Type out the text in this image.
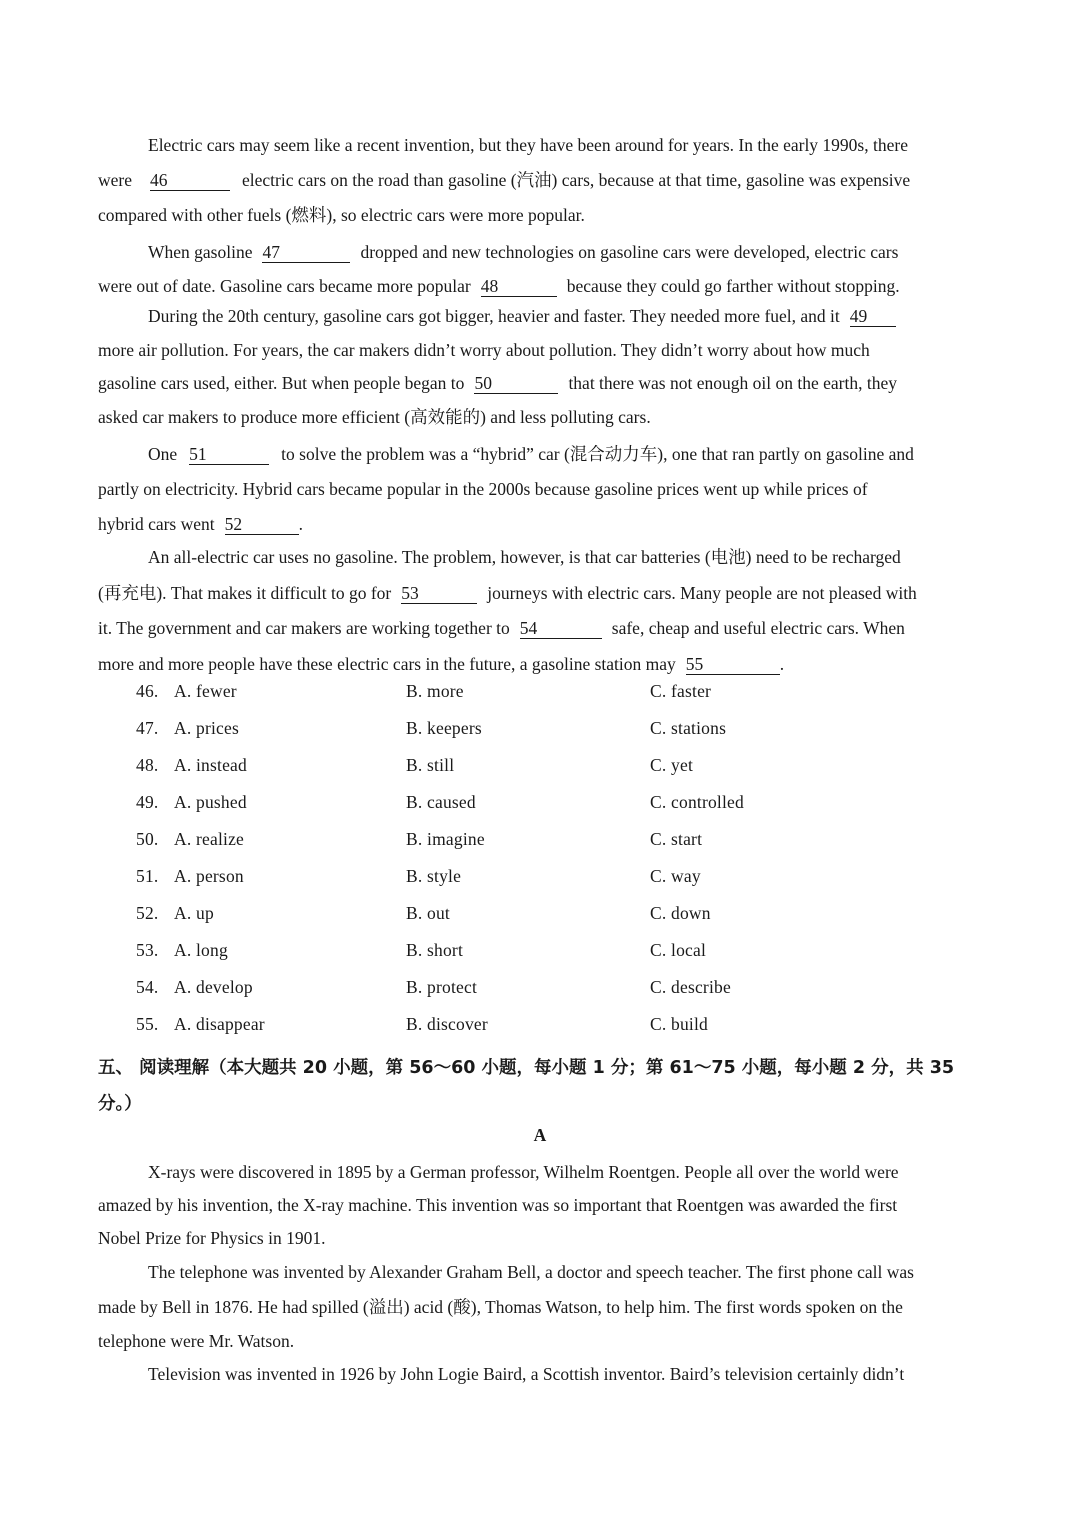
Electric cars may seem like a recent invention, but they have been around for years. In the early 1990s, there
were 46	electric cars on the road than gasoline (汽油) cars, because at that time, gasoline was expensive
compared with other fuels (燃料), so electric cars were more popular.
When gasoline 47	dropped and new technologies on gasoline cars were developed, electric cars
were out of date. Gasoline cars became more popular 48	because they could go farther without stopping.
During the 20th century, gasoline cars got bigger, heavier and faster. They needed more fuel, and it 49
more air pollution. For years, the car makers didn’t worry about pollution. They didn’t worry about how much
gasoline cars used, either. But when people began to 50	that there was not enough oil on the earth, they
asked car makers to produce more efficient (高效能的) and less polluting cars.
One 51	to solve the problem was a “hybrid” car (混合动力车), one that ran partly on gasoline and
partly on electricity. Hybrid cars became popular in the 2000s because gasoline prices went up while prices of
hybrid cars went 52	.
An all-electric car uses no gasoline. The problem, however, is that car batteries (电池) need to be recharged
(再充电). That makes it difficult to go for 53	journeys with electric cars. Many people are not pleased with
it. The government and car makers are working together to 54	safe, cheap and useful electric cars. When
more and more people have these electric cars in the future, a gasoline station may 55	.
46. A. fewer	B. more	C. faster
47. A. prices	B. keepers	C. stations
48. A. instead	B. still	C. yet
49. A. pushed	B. caused	C. controlled
50. A. realize	B. imagine	C. start
51. A. person	B. style	C. way
52. A. up	B. out	C. down
53. A. long	B. short	C. local
54. A. develop	B. protect	C. describe
55. A. disappear	B. discover	C. build
五、 阅读理解（本大题共 20 小题，第 56～60 小题，每小题 1 分；第 61～75 小题，每小题 2 分，共 35
分。）
A
X-rays were discovered in 1895 by a German professor, Wilhelm Roentgen. People all over the world were
amazed by his invention, the X-ray machine. This invention was so important that Roentgen was awarded the first
Nobel Prize for Physics in 1901.
The telephone was invented by Alexander Graham Bell, a doctor and speech teacher. The first phone call was
made by Bell in 1876. He had spilled (溢出) acid (酸), Thomas Watson, to help him. The first words spoken on the
telephone were Mr. Watson.
Television was invented in 1926 by John Logie Baird, a Scottish inventor. Baird’s television certainly didn’t
